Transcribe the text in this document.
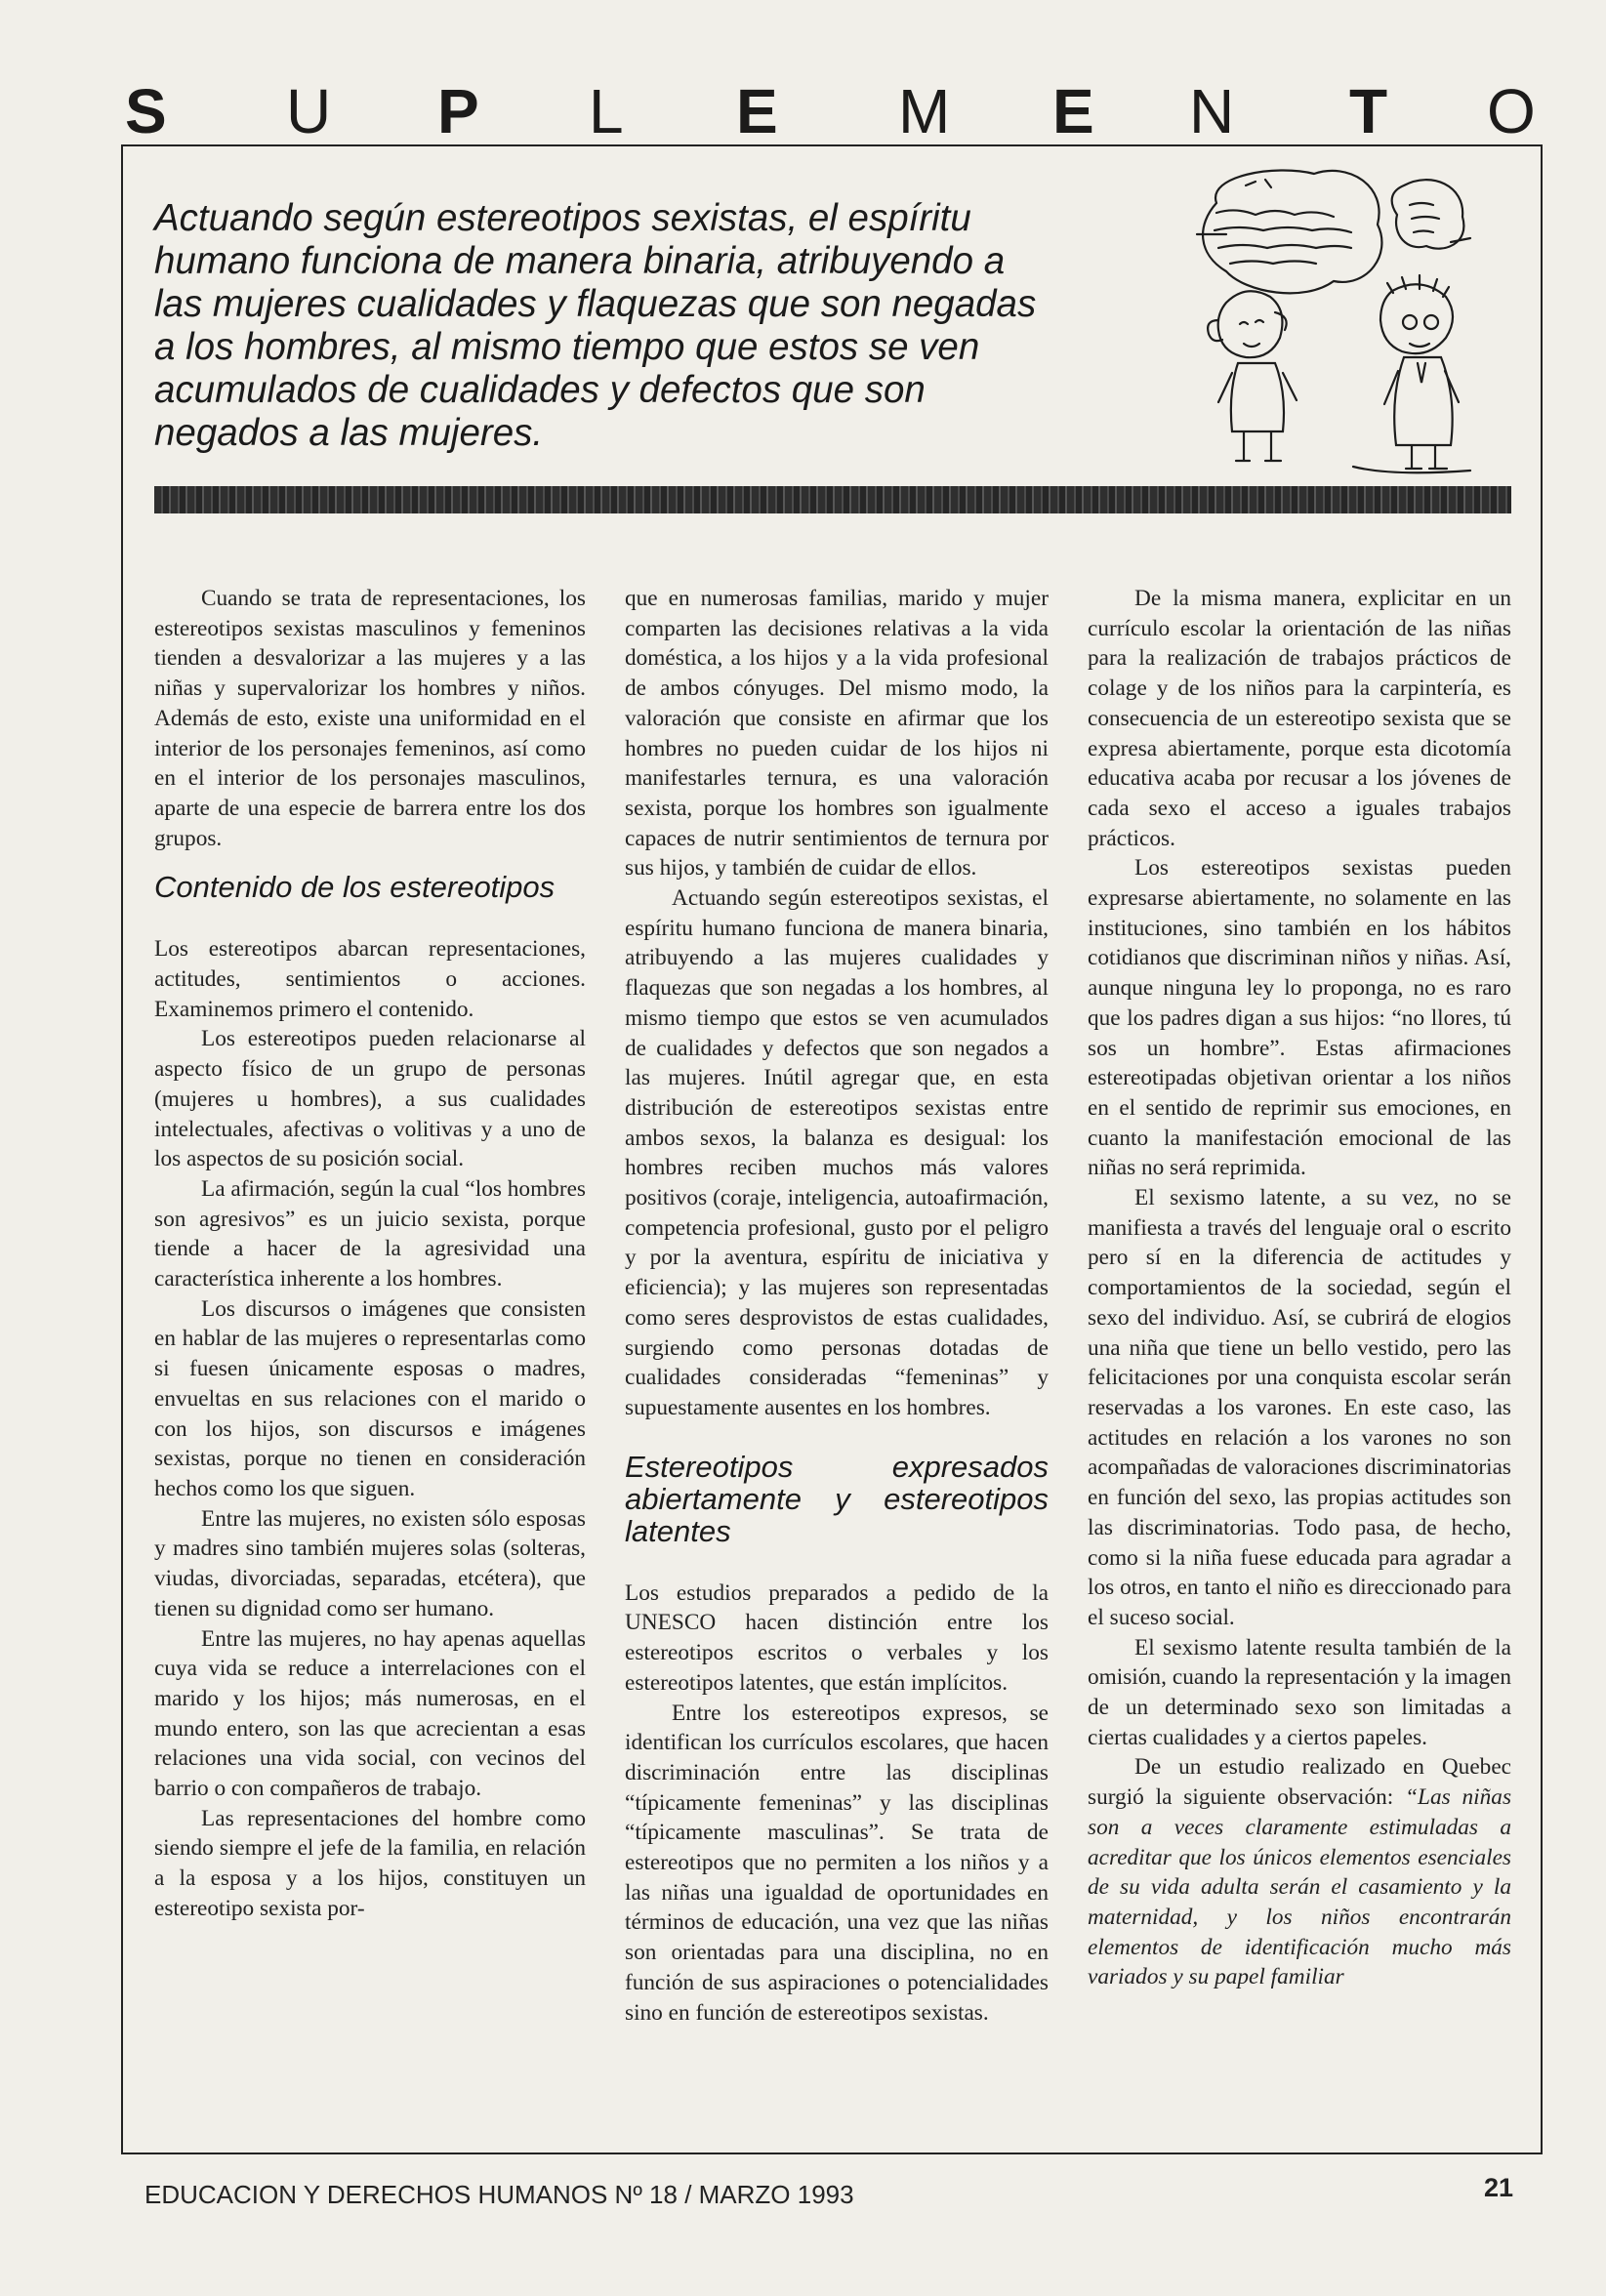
S U P L E M E N T O

Actuando según estereotipos sexistas, el espíritu humano funciona de manera binaria, atribuyendo a las mujeres cualidades y flaquezas que son negadas a los hombres, al mismo tiempo que estos se ven acumulados de cualidades y defectos que son negados a las mujeres.

Cuando se trata de representaciones, los estereotipos sexistas masculinos y femeninos tienden a desvalorizar a las mujeres y a las niñas y supervalorizar los hombres y niños. Además de esto, existe una uniformidad en el interior de los personajes femeninos, así como en el interior de los personajes masculinos, aparte de una especie de barrera entre los dos grupos.

Contenido de los estereotipos

Los estereotipos abarcan representaciones, actitudes, sentimientos o acciones. Examinemos primero el contenido.

Los estereotipos pueden relacionarse al aspecto físico de un grupo de personas (mujeres u hombres), a sus cualidades intelectuales, afectivas o volitivas y a uno de los aspectos de su posición social.

La afirmación, según la cual “los hombres son agresivos” es un juicio sexista, porque tiende a hacer de la agresividad una característica inherente a los hombres.

Los discursos o imágenes que consisten en hablar de las mujeres o representarlas como si fuesen únicamente esposas o madres, envueltas en sus relaciones con el marido o con los hijos, son discursos e imágenes sexistas, porque no tienen en consideración hechos como los que siguen.

Entre las mujeres, no existen sólo esposas y madres sino también mujeres solas (solteras, viudas, divorciadas, separadas, etcétera), que tienen su dignidad como ser humano.

Entre las mujeres, no hay apenas aquellas cuya vida se reduce a interrelaciones con el marido y los hijos; más numerosas, en el mundo entero, son las que acrecientan a esas relaciones una vida social, con vecinos del barrio o con compañeros de trabajo.

Las representaciones del hombre como siendo siempre el jefe de la familia, en relación a la esposa y a los hijos, constituyen un estereotipo sexista por-

que en numerosas familias, marido y mujer comparten las decisiones relativas a la vida doméstica, a los hijos y a la vida profesional de ambos cónyuges. Del mismo modo, la valoración que consiste en afirmar que los hombres no pueden cuidar de los hijos ni manifestarles ternura, es una valoración sexista, porque los hombres son igualmente capaces de nutrir sentimientos de ternura por sus hijos, y también de cuidar de ellos.

Actuando según estereotipos sexistas, el espíritu humano funciona de manera binaria, atribuyendo a las mujeres cualidades y flaquezas que son negadas a los hombres, al mismo tiempo que estos se ven acumulados de cualidades y defectos que son negados a las mujeres. Inútil agregar que, en esta distribución de estereotipos sexistas entre ambos sexos, la balanza es desigual: los hombres reciben muchos más valores positivos (coraje, inteligencia, autoafirmación, competencia profesional, gusto por el peligro y por la aventura, espíritu de iniciativa y eficiencia); y las mujeres son representadas como seres desprovistos de estas cualidades, surgiendo como personas dotadas de cualidades consideradas “femeninas” y supuestamente ausentes en los hombres.

Estereotipos expresados abiertamente y estereotipos latentes

Los estudios preparados a pedido de la UNESCO hacen distinción entre los estereotipos escritos o verbales y los estereotipos latentes, que están implícitos.

Entre los estereotipos expresos, se identifican los currículos escolares, que hacen discriminación entre las disciplinas “típicamente femeninas” y las disciplinas “típicamente masculinas”. Se trata de estereotipos que no permiten a los niños y a las niñas una igualdad de oportunidades en términos de educación, una vez que las niñas son orientadas para una disciplina, no en función de sus aspiraciones o potencialidades sino en función de estereotipos sexistas.

De la misma manera, explicitar en un currículo escolar la orientación de las niñas para la realización de trabajos prácticos de colage y de los niños para la carpintería, es consecuencia de un estereotipo sexista que se expresa abiertamente, porque esta dicotomía educativa acaba por recusar a los jóvenes de cada sexo el acceso a iguales trabajos prácticos.

Los estereotipos sexistas pueden expresarse abiertamente, no solamente en las instituciones, sino también en los hábitos cotidianos que discriminan niños y niñas. Así, aunque ninguna ley lo proponga, no es raro que los padres digan a sus hijos: “no llores, tú sos un hombre”. Estas afirmaciones estereotipadas objetivan orientar a los niños en el sentido de reprimir sus emociones, en cuanto la manifestación emocional de las niñas no será reprimida.

El sexismo latente, a su vez, no se manifiesta a través del lenguaje oral o escrito pero sí en la diferencia de actitudes y comportamientos de la sociedad, según el sexo del individuo. Así, se cubrirá de elogios una niña que tiene un bello vestido, pero las felicitaciones por una conquista escolar serán reservadas a los varones. En este caso, las actitudes en relación a los varones no son acompañadas de valoraciones discriminatorias en función del sexo, las propias actitudes son las discriminatorias. Todo pasa, de hecho, como si la niña fuese educada para agradar a los otros, en tanto el niño es direccionado para el suceso social.

El sexismo latente resulta también de la omisión, cuando la representación y la imagen de un determinado sexo son limitadas a ciertas cualidades y a ciertos papeles.

De un estudio realizado en Quebec surgió la siguiente observación: “Las niñas son a veces claramente estimuladas a acreditar que los únicos elementos esenciales de su vida adulta serán el casamiento y la maternidad, y los niños encontrarán elementos de identificación mucho más variados y su papel familiar

EDUCACION Y DERECHOS HUMANOS Nº 18 / MARZO 1993	21
